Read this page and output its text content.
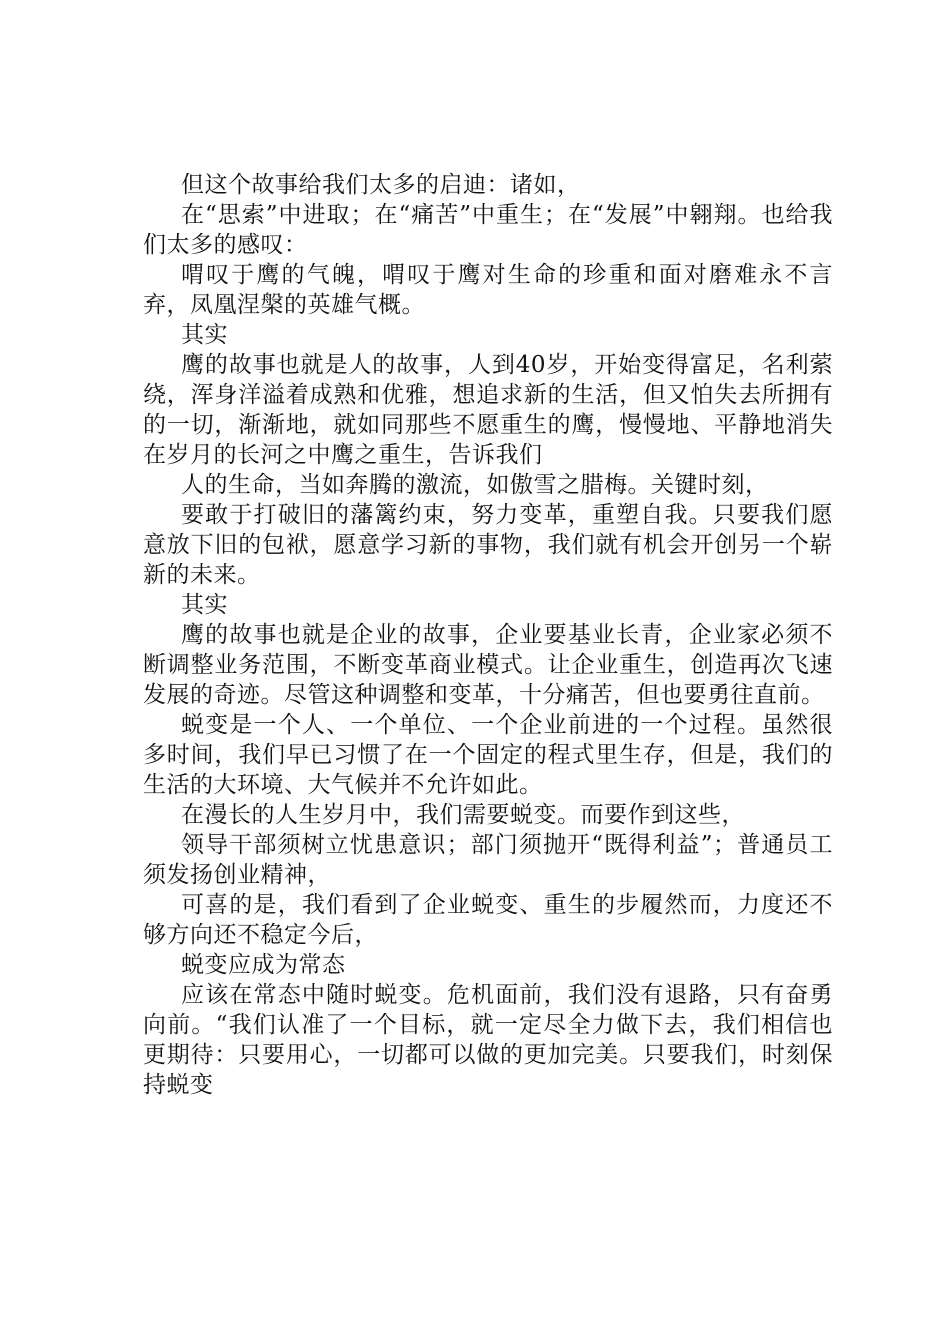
但这个故事给我们太多的启迪：诸如，

在“思索”中进取；在“痛苦”中重生；在“发展”中翱翔。也给我们太多的感叹：

喟叹于鹰的气魄，喟叹于鹰对生命的珍重和面对磨难永不言弃，凤凰涅槃的英雄气概。

其实

鹰的故事也就是人的故事，人到40岁，开始变得富足，名利萦绕，浑身洋溢着成熟和优雅，想追求新的生活，但又怕失去所拥有的一切，渐渐地，就如同那些不愿重生的鹰，慢慢地、平静地消失在岁月的长河之中鹰之重生，告诉我们

人的生命，当如奔腾的激流，如傲雪之腊梅。关键时刻，

要敢于打破旧的藩篱约束，努力变革，重塑自我。只要我们愿意放下旧的包袱，愿意学习新的事物，我们就有机会开创另一个崭新的未来。

其实

鹰的故事也就是企业的故事，企业要基业长青，企业家必须不断调整业务范围，不断变革商业模式。让企业重生，创造再次飞速发展的奇迹。尽管这种调整和变革，十分痛苦，但也要勇往直前。

蜕变是一个人、一个单位、一个企业前进的一个过程。虽然很多时间，我们早已习惯了在一个固定的程式里生存，但是，我们的生活的大环境、大气候并不允许如此。

在漫长的人生岁月中，我们需要蜕变。而要作到这些，

领导干部须树立忧患意识；部门须抛开“既得利益”；普通员工须发扬创业精神，

可喜的是，我们看到了企业蜕变、重生的步履然而，力度还不够方向还不稳定今后，

蜕变应成为常态

应该在常态中随时蜕变。危机面前，我们没有退路，只有奋勇向前。“我们认准了一个目标，就一定尽全力做下去，我们相信也更期待：只要用心，一切都可以做的更加完美。只要我们，时刻保持蜕变
